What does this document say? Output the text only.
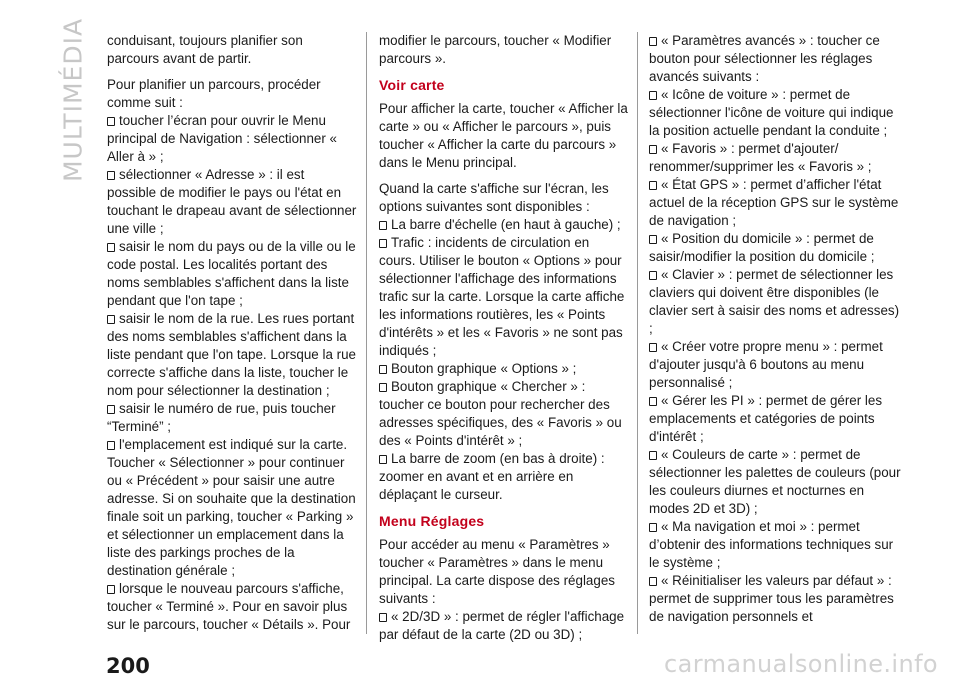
MULTIMÉDIA conduisant, toujours planifier son parcours avant de partir.

Pour planifier un parcours, procéder comme suit :

toucher l’écran pour ouvrir le Menu principal de Navigation : sélectionner « Aller à » ;
sélectionner « Adresse » : il est possible de modifier le pays ou l'état en touchant le drapeau avant de sélectionner une ville ;
saisir le nom du pays ou de la ville ou le code postal. Les localités portant des noms semblables s'affichent dans la liste pendant que l'on tape ;
saisir le nom de la rue. Les rues portant des noms semblables s'affichent dans la liste pendant que l'on tape. Lorsque la rue correcte s'affiche dans la liste, toucher le nom pour sélectionner la destination ;
saisir le numéro de rue, puis toucher “Terminé” ;
l'emplacement est indiqué sur la carte. Toucher « Sélectionner » pour continuer ou « Précédent » pour saisir une autre adresse. Si on souhaite que la destination finale soit un parking, toucher « Parking » et sélectionner un emplacement dans la liste des parkings proches de la destination générale ;
lorsque le nouveau parcours s'affiche, toucher « Terminé ». Pour en savoir plus sur le parcours, toucher « Détails ». Pour

modifier le parcours, toucher « Modifier parcours ».

Voir carte

Pour afficher la carte, toucher « Afficher la carte » ou « Afficher le parcours », puis toucher « Afficher la carte du parcours » dans le Menu principal.

Quand la carte s'affiche sur l'écran, les options suivantes sont disponibles :

La barre d'échelle (en haut à gauche) ;
Trafic : incidents de circulation en cours. Utiliser le bouton « Options » pour sélectionner l'affichage des informations trafic sur la carte. Lorsque la carte affiche les informations routières, les « Points d'intérêts » et les « Favoris » ne sont pas indiqués ;
Bouton graphique « Options » ;
Bouton graphique « Chercher » : toucher ce bouton pour rechercher des adresses spécifiques, des « Favoris » ou des « Points d'intérêt » ;
La barre de zoom (en bas à droite) : zoomer en avant et en arrière en déplaçant le curseur.
Menu Réglages

Pour accéder au menu « Paramètres » toucher « Paramètres » dans le menu principal. La carte dispose des réglages suivants :

« 2D/3D » : permet de régler l'affichage par défaut de la carte (2D ou 3D) ;
« Paramètres avancés » : toucher ce bouton pour sélectionner les réglages avancés suivants :
« Icône de voiture » : permet de sélectionner l'icône de voiture qui indique la position actuelle pendant la conduite ;
« Favoris » : permet d'ajouter/ renommer/supprimer les « Favoris » ;
« État GPS » : permet d’afficher l'état actuel de la réception GPS sur le système de navigation ;
« Position du domicile » : permet de saisir/modifier la position du domicile ;
« Clavier » : permet de sélectionner les claviers qui doivent être disponibles (le clavier sert à saisir des noms et adresses) ;
« Créer votre propre menu » : permet d'ajouter jusqu'à 6 boutons au menu personnalisé ;
« Gérer les PI » : permet de gérer les emplacements et catégories de points d'intérêt ;
« Couleurs de carte » : permet de sélectionner les palettes de couleurs (pour les couleurs diurnes et nocturnes en modes 2D et 3D) ;
« Ma navigation et moi » : permet d’obtenir des informations techniques sur le système ;
« Réinitialiser les valeurs par défaut » : permet de supprimer tous les paramètres de navigation personnels et
200	carmanualsonline.info
